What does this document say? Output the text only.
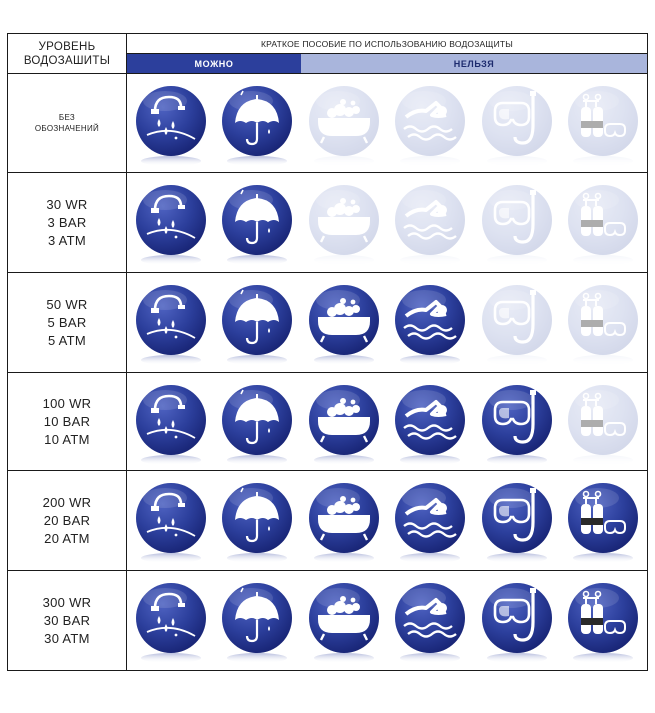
УРОВЕНЬ
ВОДОЗАШИТЫ
КРАТКОЕ ПОСОБИЕ ПО ИСПОЛЬЗОВАНИЮ ВОДОЗАЩИТЫ
МОЖНО	НЕЛЬЗЯ
БЕЗ
ОБОЗНАЧЕНИЙ
30 WR
3 BAR
3 ATM
50 WR
5 BAR
5 ATM
100 WR
10 BAR
10 ATM
200 WR
20 BAR
20 ATM
300 WR
30 BAR
30 ATM
